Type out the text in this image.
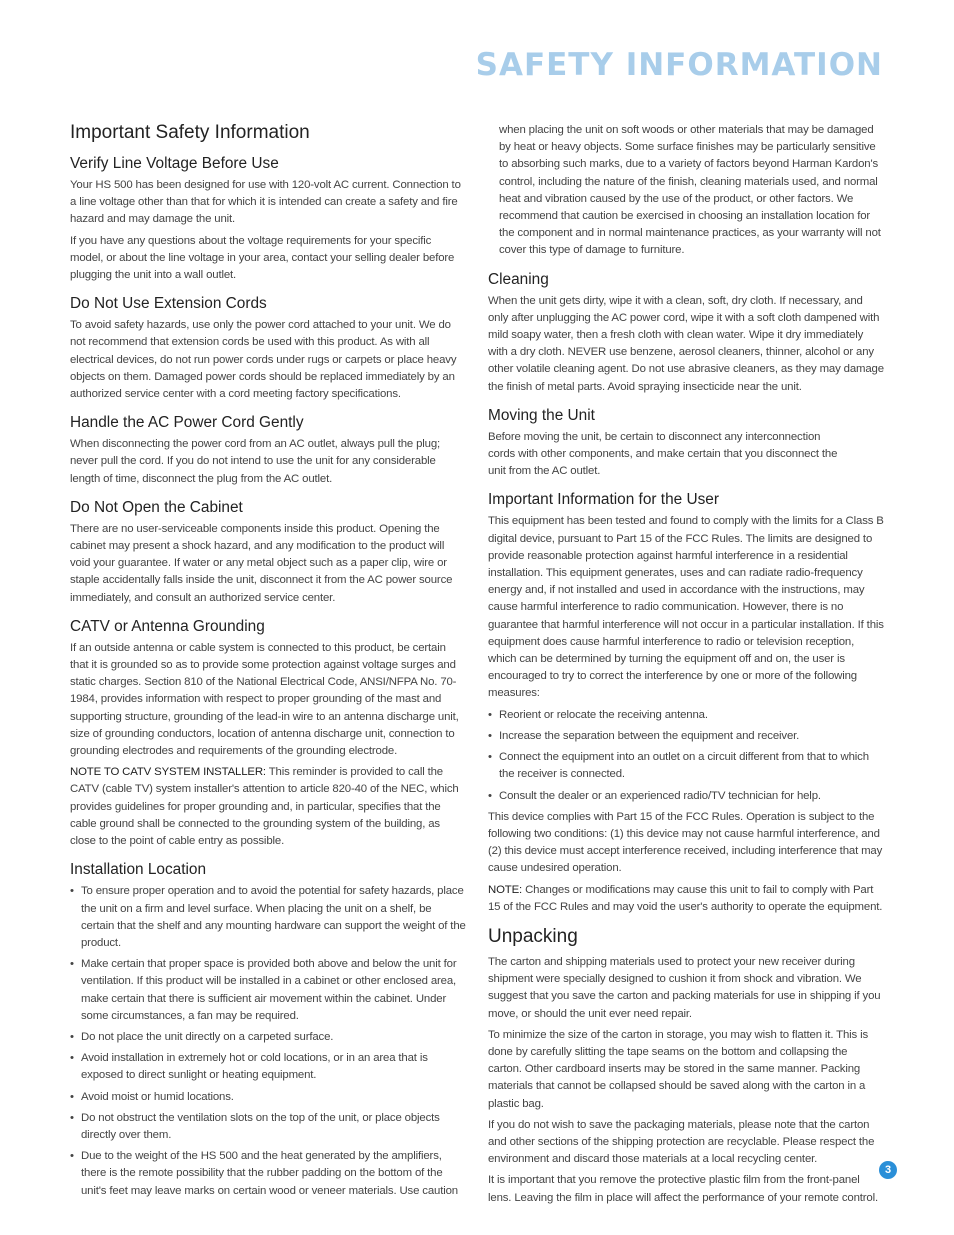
SAFETY INFORMATION
Important Safety Information
Verify Line Voltage Before Use

Your HS 500 has been designed for use with 120-volt AC current. Connection to a line voltage other than that for which it is intended can create a safety and fire hazard and may damage the unit.

If you have any questions about the voltage requirements for your specific model, or about the line voltage in your area, contact your selling dealer before plugging the unit into a wall outlet.

Do Not Use Extension Cords

To avoid safety hazards, use only the power cord attached to your unit. We do not recommend that extension cords be used with this product. As with all electrical devices, do not run power cords under rugs or carpets or place heavy objects on them. Damaged power cords should be replaced immediately by an authorized service center with a cord meeting factory specifications.

Handle the AC Power Cord Gently

When disconnecting the power cord from an AC outlet, always pull the plug; never pull the cord. If you do not intend to use the unit for any considerable length of time, disconnect the plug from the AC outlet.

Do Not Open the Cabinet

There are no user-serviceable components inside this product. Opening the cabinet may present a shock hazard, and any modification to the product will void your guarantee. If water or any metal object such as a paper clip, wire or staple accidentally falls inside the unit, disconnect it from the AC power source immediately, and consult an authorized service center.

CATV or Antenna Grounding

If an outside antenna or cable system is connected to this product, be certain that it is grounded so as to provide some protection against voltage surges and static charges. Section 810 of the National Electrical Code, ANSI/NFPA No. 70-1984, provides information with respect to proper grounding of the mast and supporting structure, grounding of the lead-in wire to an antenna discharge unit, size of grounding conductors, location of antenna discharge unit, connection to grounding electrodes and requirements of the grounding electrode.

NOTE TO CATV SYSTEM INSTALLER: This reminder is provided to call the CATV (cable TV) system installer's attention to article 820-40 of the NEC, which provides guidelines for proper grounding and, in particular, specifies that the cable ground shall be connected to the grounding system of the building, as close to the point of cable entry as possible.

Installation Location
• To ensure proper operation and to avoid the potential for safety hazards, place the unit on a firm and level surface. When placing the unit on a shelf, be certain that the shelf and any mounting hardware can support the weight of the product.
• Make certain that proper space is provided both above and below the unit for ventilation. If this product will be installed in a cabinet or other enclosed area, make certain that there is sufficient air movement within the cabinet. Under some circumstances, a fan may be required.
• Do not place the unit directly on a carpeted surface.
• Avoid installation in extremely hot or cold locations, or in an area that is exposed to direct sunlight or heating equipment.
• Avoid moist or humid locations.
• Do not obstruct the ventilation slots on the top of the unit, or place objects directly over them.
• Due to the weight of the HS 500 and the heat generated by the amplifiers, there is the remote possibility that the rubber padding on the bottom of the unit's feet may leave marks on certain wood or veneer materials. Use caution

when placing the unit on soft woods or other materials that may be damaged by heat or heavy objects. Some surface finishes may be particularly sensitive to absorbing such marks, due to a variety of factors beyond Harman Kardon's control, including the nature of the finish, cleaning materials used, and normal heat and vibration caused by the use of the product, or other factors. We recommend that caution be exercised in choosing an installation location for the component and in normal maintenance practices, as your warranty will not cover this type of damage to furniture.

Cleaning

When the unit gets dirty, wipe it with a clean, soft, dry cloth. If necessary, and only after unplugging the AC power cord, wipe it with a soft cloth dampened with mild soapy water, then a fresh cloth with clean water. Wipe it dry immediately with a dry cloth. NEVER use benzene, aerosol cleaners, thinner, alcohol or any other volatile cleaning agent. Do not use abrasive cleaners, as they may damage the finish of metal parts. Avoid spraying insecticide near the unit.

Moving the Unit

Before moving the unit, be certain to disconnect any interconnection cords with other components, and make certain that you disconnect the unit from the AC outlet.

Important Information for the User

This equipment has been tested and found to comply with the limits for a Class B digital device, pursuant to Part 15 of the FCC Rules. The limits are designed to provide reasonable protection against harmful interference in a residential installation. This equipment generates, uses and can radiate radio-frequency energy and, if not installed and used in accordance with the instructions, may cause harmful interference to radio communication. However, there is no guarantee that harmful interference will not occur in a particular installation. If this equipment does cause harmful interference to radio or television reception, which can be determined by turning the equipment off and on, the user is encouraged to try to correct the interference by one or more of the following measures:

• Reorient or relocate the receiving antenna.
• Increase the separation between the equipment and receiver.
• Connect the equipment into an outlet on a circuit different from that to which the receiver is connected.
• Consult the dealer or an experienced radio/TV technician for help.

This device complies with Part 15 of the FCC Rules. Operation is subject to the following two conditions: (1) this device may not cause harmful interference, and (2) this device must accept interference received, including interference that may cause undesired operation.

NOTE: Changes or modifications may cause this unit to fail to comply with Part 15 of the FCC Rules and may void the user's authority to operate the equipment.

Unpacking

The carton and shipping materials used to protect your new receiver during shipment were specially designed to cushion it from shock and vibration. We suggest that you save the carton and packing materials for use in shipping if you move, or should the unit ever need repair.

To minimize the size of the carton in storage, you may wish to flatten it. This is done by carefully slitting the tape seams on the bottom and collapsing the carton. Other cardboard inserts may be stored in the same manner. Packing materials that cannot be collapsed should be saved along with the carton in a plastic bag.

If you do not wish to save the packaging materials, please note that the carton and other sections of the shipping protection are recyclable. Please respect the environment and discard those materials at a local recycling center.

It is important that you remove the protective plastic film from the front-panel lens. Leaving the film in place will affect the performance of your remote control.

3
